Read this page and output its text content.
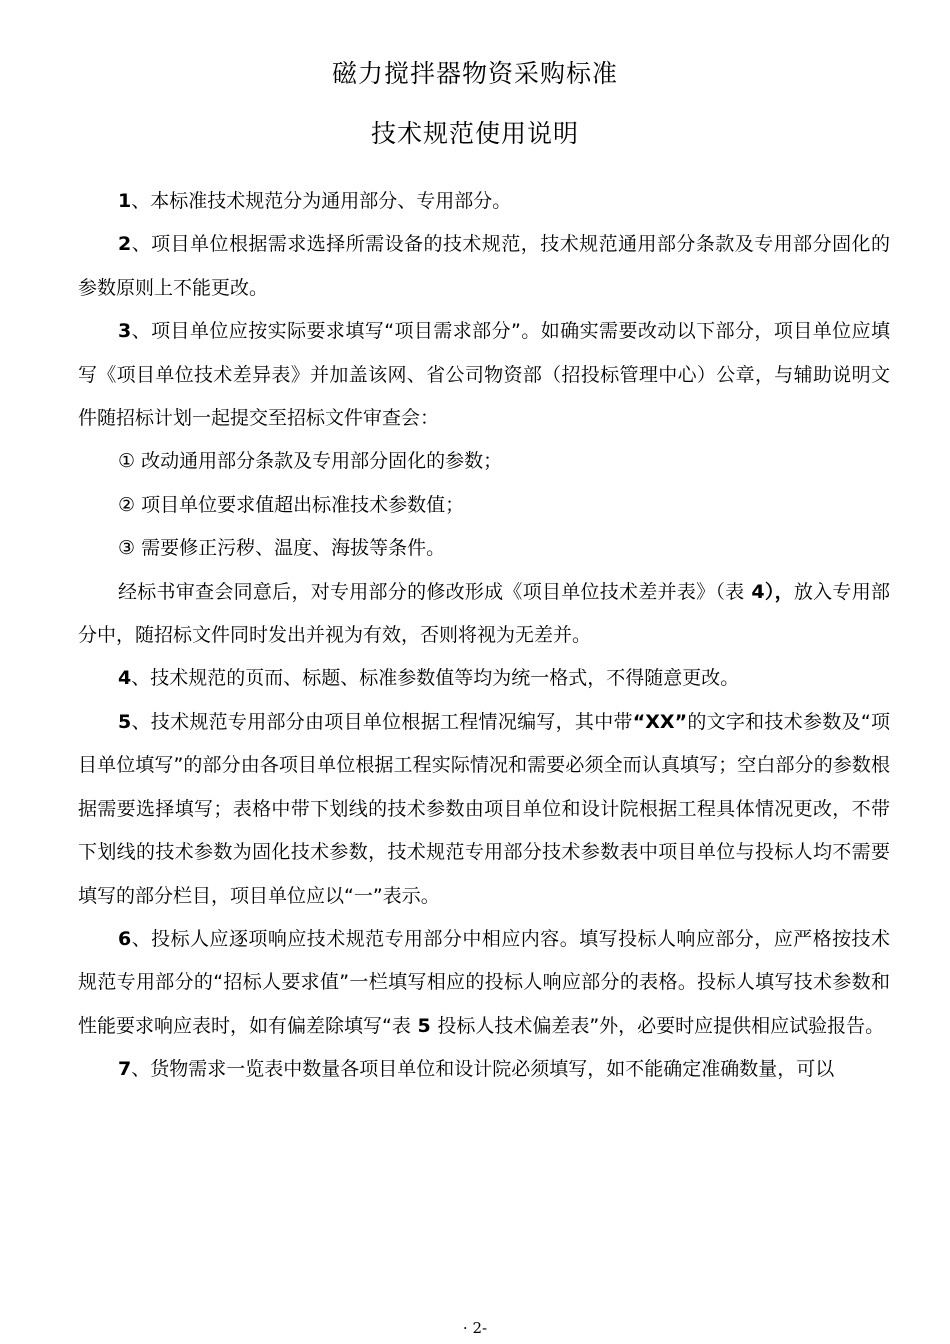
磁力搅拌器物资采购标准
技术规范使用说明

1、本标准技术规范分为通用部分、专用部分。

2、项目单位根据需求选择所需设备的技术规范，技术规范通用部分条款及专用部分固化的参数原则上不能更改。

3、项目单位应按实际要求填写“项目需求部分”。如确实需要改动以下部分，项目单位应填写《项目单位技术差异表》并加盖该网、省公司物资部（招投标管理中心）公章，与辅助说明文件随招标计划一起提交至招标文件审查会：

① 改动通用部分条款及专用部分固化的参数；

② 项目单位要求值超出标准技术参数值；

③ 需要修正污秽、温度、海拔等条件。

经标书审查会同意后，对专用部分的修改形成《项目单位技术差并表》（表 4），放入专用部分中，随招标文件同时发出并视为有效，否则将视为无差并。

4、技术规范的页而、标题、标准参数值等均为统一格式，不得随意更改。

5、技术规范专用部分由项目单位根据工程情况编写，其中带“XX”的文字和技术参数及“项目单位填写”的部分由各项目单位根据工程实际情况和需要必须全而认真填写；空白部分的参数根据需要选择填写；表格中带下划线的技术参数由项目单位和设计院根据工程具体情况更改，不带下划线的技术参数为固化技术参数，技术规范专用部分技术参数表中项目单位与投标人均不需要填写的部分栏目，项目单位应以“一”表示。

6、投标人应逐项响应技术规范专用部分中相应内容。填写投标人响应部分，应严格按技术规范专用部分的“招标人要求值”一栏填写相应的投标人响应部分的表格。投标人填写技术参数和性能要求响应表时，如有偏差除填写“表 5 投标人技术偏差表”外，必要时应提供相应试验报告。

7、货物需求一览表中数量各项目单位和设计院必须填写，如不能确定准确数量，可以

· 2-
